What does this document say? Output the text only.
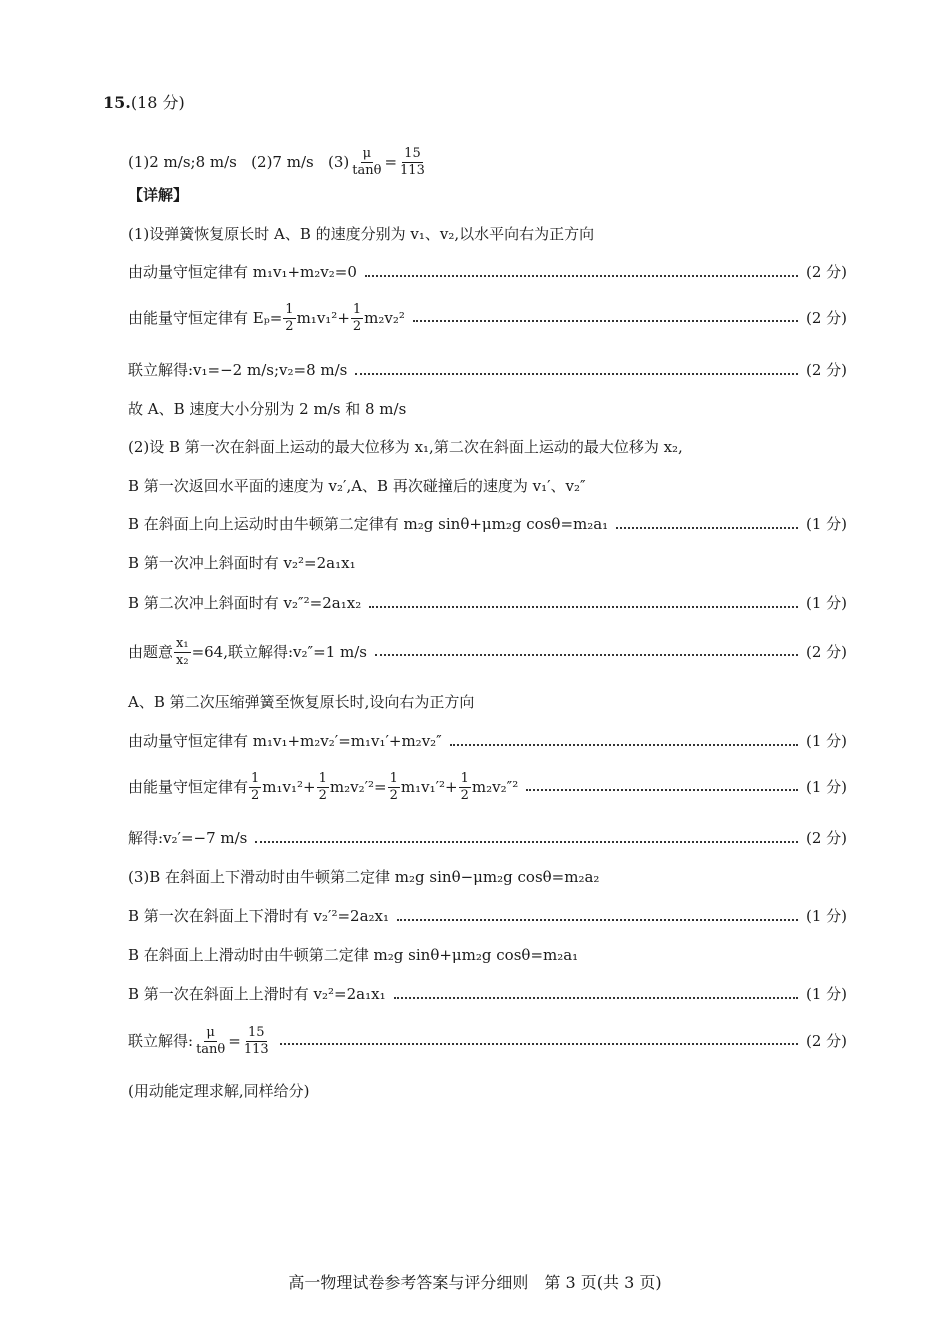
15.(18 分)
(1)2 m/s;8 m/s   (2)7 m/s   $(3) \frac{\mu}{\tan\theta} = \frac{15}{113}$
【详解】
(1)设弹簧恢复原长时 A、B 的速度分别为 v₁、v₂,以水平向右为正方向
由动量守恒定律有 m₁v₁+m₂v₂=0	(2 分)
由能量守恒定律有 $E_p= \frac{1}{2} m_1v_1^2+ \frac{1}{2} m_2v_2^2$	(2 分)
联立解得:v₁=−2 m/s;v₂=8 m/s	(2 分)
故 A、B 速度大小分别为 2 m/s 和 8 m/s
(2)设 B 第一次在斜面上运动的最大位移为 x₁,第二次在斜面上运动的最大位移为 x₂,
B 第一次返回水平面的速度为 v₂′,A、B 再次碰撞后的速度为 v₁′、v₂″
B 在斜面上向上运动时由牛顿第二定律有 m₂g sinθ+μm₂g cosθ=m₂a₁	(1 分)
B 第一次冲上斜面时有 v₂²=2a₁x₁
B 第二次冲上斜面时有 v₂″²=2a₁x₂	(1 分)
由题意 $\frac{\text{x₁}}{\text{x₂}} =64$,联立解得:v₂″=1 m/s	(2 分)
A、B 第二次压缩弹簧至恢复原长时,设向右为正方向
由动量守恒定律有 m₁v₁+m₂v₂′=m₁v₁′+m₂v₂″	(1 分)
由能量守恒定律有 $\frac{1}{2} m_1v_1^2+ \frac{1}{2} m_2v_2'^2= \frac{1}{2} m_1v_1'^2+ \frac{1}{2} m_2v_2''^2$	(1 分)
解得:v₂′=−7 m/s	(2 分)
(3)B 在斜面上下滑动时由牛顿第二定律 m₂g sinθ−μm₂g cosθ=m₂a₂
B 第一次在斜面上下滑时有 v₂′²=2a₂x₁	(1 分)
B 在斜面上上滑动时由牛顿第二定律 m₂g sinθ+μm₂g cosθ=m₂a₁
B 第一次在斜面上上滑时有 v₂²=2a₁x₁	(1 分)
联立解得: $\frac{\mu}{\tan\theta} = \frac{15}{113}$	(2 分)
(用动能定理求解,同样给分)
高一物理试卷参考答案与评分细则　第 3 页(共 3 页)
